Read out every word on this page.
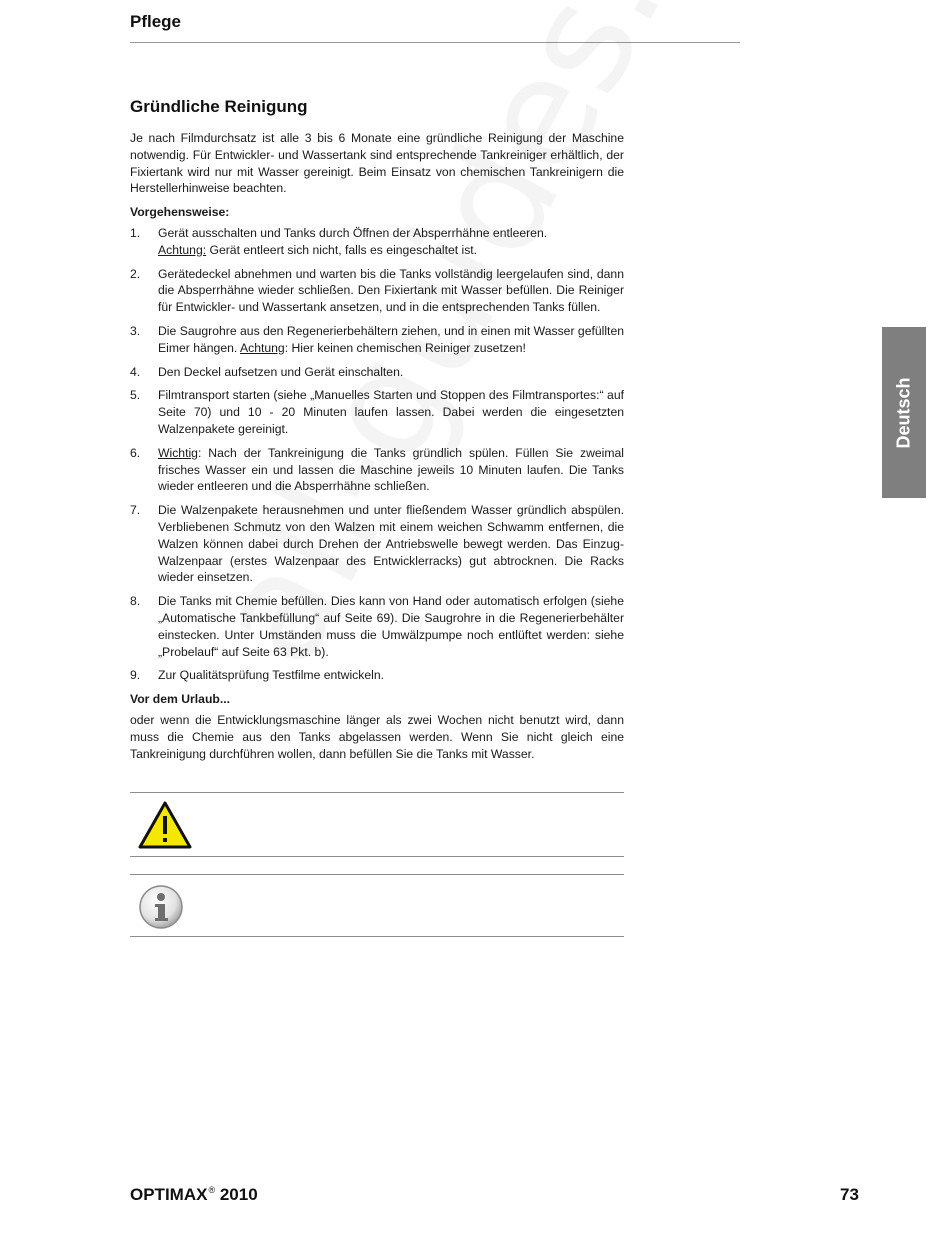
Pflege
Gründliche Reinigung

Je nach Filmdurchsatz ist alle 3 bis 6 Monate eine gründliche Reinigung der Maschine notwendig. Für Entwickler- und Wassertank sind entsprechende Tankreiniger erhältlich, der Fixiertank wird nur mit Wasser gereinigt. Beim Einsatz von chemischen Tankreinigern die Herstellerhinweise beachten.

Vorgehensweise:

1. Gerät ausschalten und Tanks durch Öffnen der Absperrhähne entleeren.
Achtung: Gerät entleert sich nicht, falls es eingeschaltet ist.
2. Gerätedeckel abnehmen und warten bis die Tanks vollständig leergelaufen sind, dann die Absperrhähne wieder schließen. Den Fixiertank mit Wasser befüllen. Die Reiniger für Entwickler- und Wassertank ansetzen, und in die entsprechenden Tanks füllen.
3. Die Saugrohre aus den Regenerierbehältern ziehen, und in einen mit Wasser gefüllten Eimer hängen. Achtung: Hier keinen chemischen Reiniger zusetzen!
4. Den Deckel aufsetzen und Gerät einschalten.
5. Filmtransport starten (siehe „Manuelles Starten und Stoppen des Filmtransportes:“ auf Seite 70) und 10 - 20 Minuten laufen lassen. Dabei werden die eingesetzten Walzenpakete gereinigt.
6. Wichtig: Nach der Tankreinigung die Tanks gründlich spülen. Füllen Sie zweimal frisches Wasser ein und lassen die Maschine jeweils 10 Minuten laufen. Die Tanks wieder entleeren und die Absperrhähne schließen.
7. Die Walzenpakete herausnehmen und unter fließendem Wasser gründlich abspülen. Verbliebenen Schmutz von den Walzen mit einem weichen Schwamm entfernen, die Walzen können dabei durch Drehen der Antriebswelle bewegt werden. Das Einzug-Walzenpaar (erstes Walzenpaar des Entwicklerracks) gut abtrocknen. Die Racks wieder einsetzen.
8. Die Tanks mit Chemie befüllen. Dies kann von Hand oder automatisch erfolgen (siehe „Automatische Tankbefüllung“ auf Seite 69). Die Saugrohre in die Regenerierbehälter einstecken. Unter Umständen muss die Umwälzpumpe noch entlüftet werden: siehe „Probelauf“ auf Seite 63 Pkt. b).
9. Zur Qualitätsprüfung Testfilme entwickeln.

Vor dem Urlaub...

oder wenn die Entwicklungsmaschine länger als zwei Wochen nicht benutzt wird, dann muss die Chemie aus den Tanks abgelassen werden. Wenn Sie nicht gleich eine Tankreinigung durchführen wollen, dann befüllen Sie die Tanks mit Wasser.

Deutsch
OPTIMAX® 2010	73
